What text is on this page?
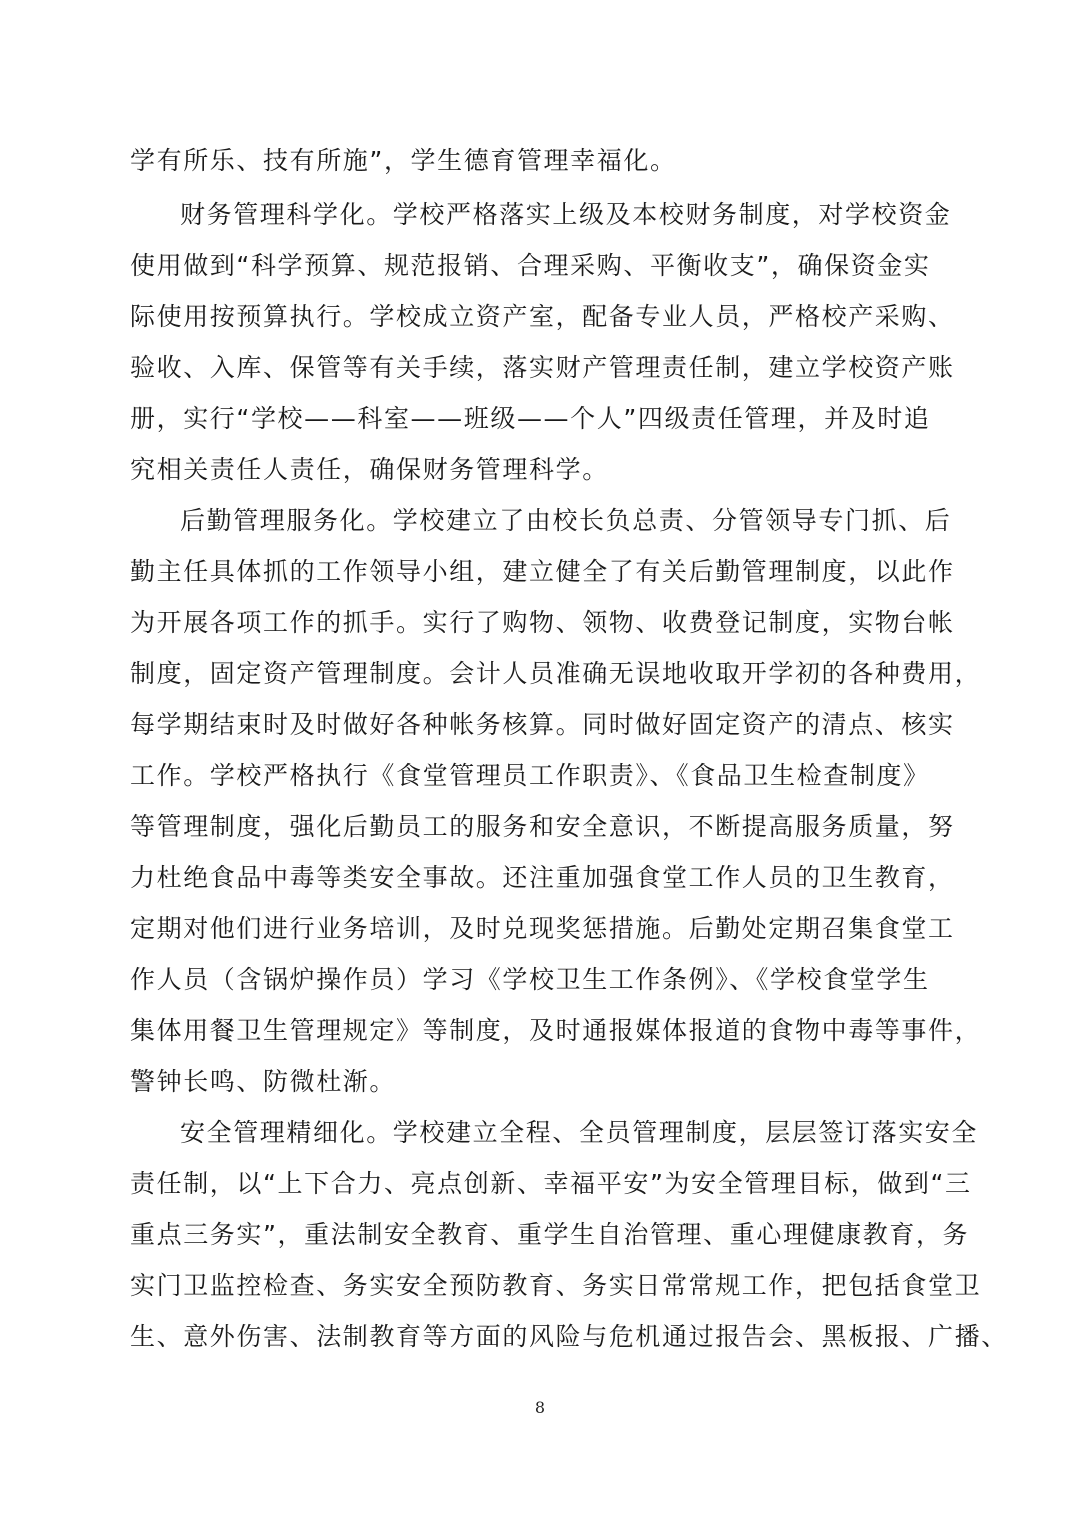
学有所乐、技有所施”，学生德育管理幸福化。
财务管理科学化。学校严格落实上级及本校财务制度，对学校资金
使用做到“科学预算、规范报销、合理采购、平衡收支”，确保资金实
际使用按预算执行。学校成立资产室，配备专业人员，严格校产采购、
验收、入库、保管等有关手续，落实财产管理责任制，建立学校资产账
册，实行“学校——科室——班级——个人”四级责任管理，并及时追
究相关责任人责任，确保财务管理科学。
后勤管理服务化。学校建立了由校长负总责、分管领导专门抓、后
勤主任具体抓的工作领导小组，建立健全了有关后勤管理制度，以此作
为开展各项工作的抓手。实行了购物、领物、收费登记制度，实物台帐
制度，固定资产管理制度。会计人员准确无误地收取开学初的各种费用，
每学期结束时及时做好各种帐务核算。同时做好固定资产的清点、核实
工作。学校严格执行《食堂管理员工作职责》、《食品卫生检查制度》
等管理制度，强化后勤员工的服务和安全意识，不断提高服务质量，努
力杜绝食品中毒等类安全事故。还注重加强食堂工作人员的卫生教育，
定期对他们进行业务培训，及时兑现奖惩措施。后勤处定期召集食堂工
作人员（含锅炉操作员）学习《学校卫生工作条例》、《学校食堂学生
集体用餐卫生管理规定》等制度，及时通报媒体报道的食物中毒等事件，
警钟长鸣、防微杜渐。
安全管理精细化。学校建立全程、全员管理制度，层层签订落实安全
责任制，以“上下合力、亮点创新、幸福平安”为安全管理目标，做到“三
重点三务实”，重法制安全教育、重学生自治管理、重心理健康教育，务
实门卫监控检查、务实安全预防教育、务实日常常规工作，把包括食堂卫
生、意外伤害、法制教育等方面的风险与危机通过报告会、黑板报、广播、
8
